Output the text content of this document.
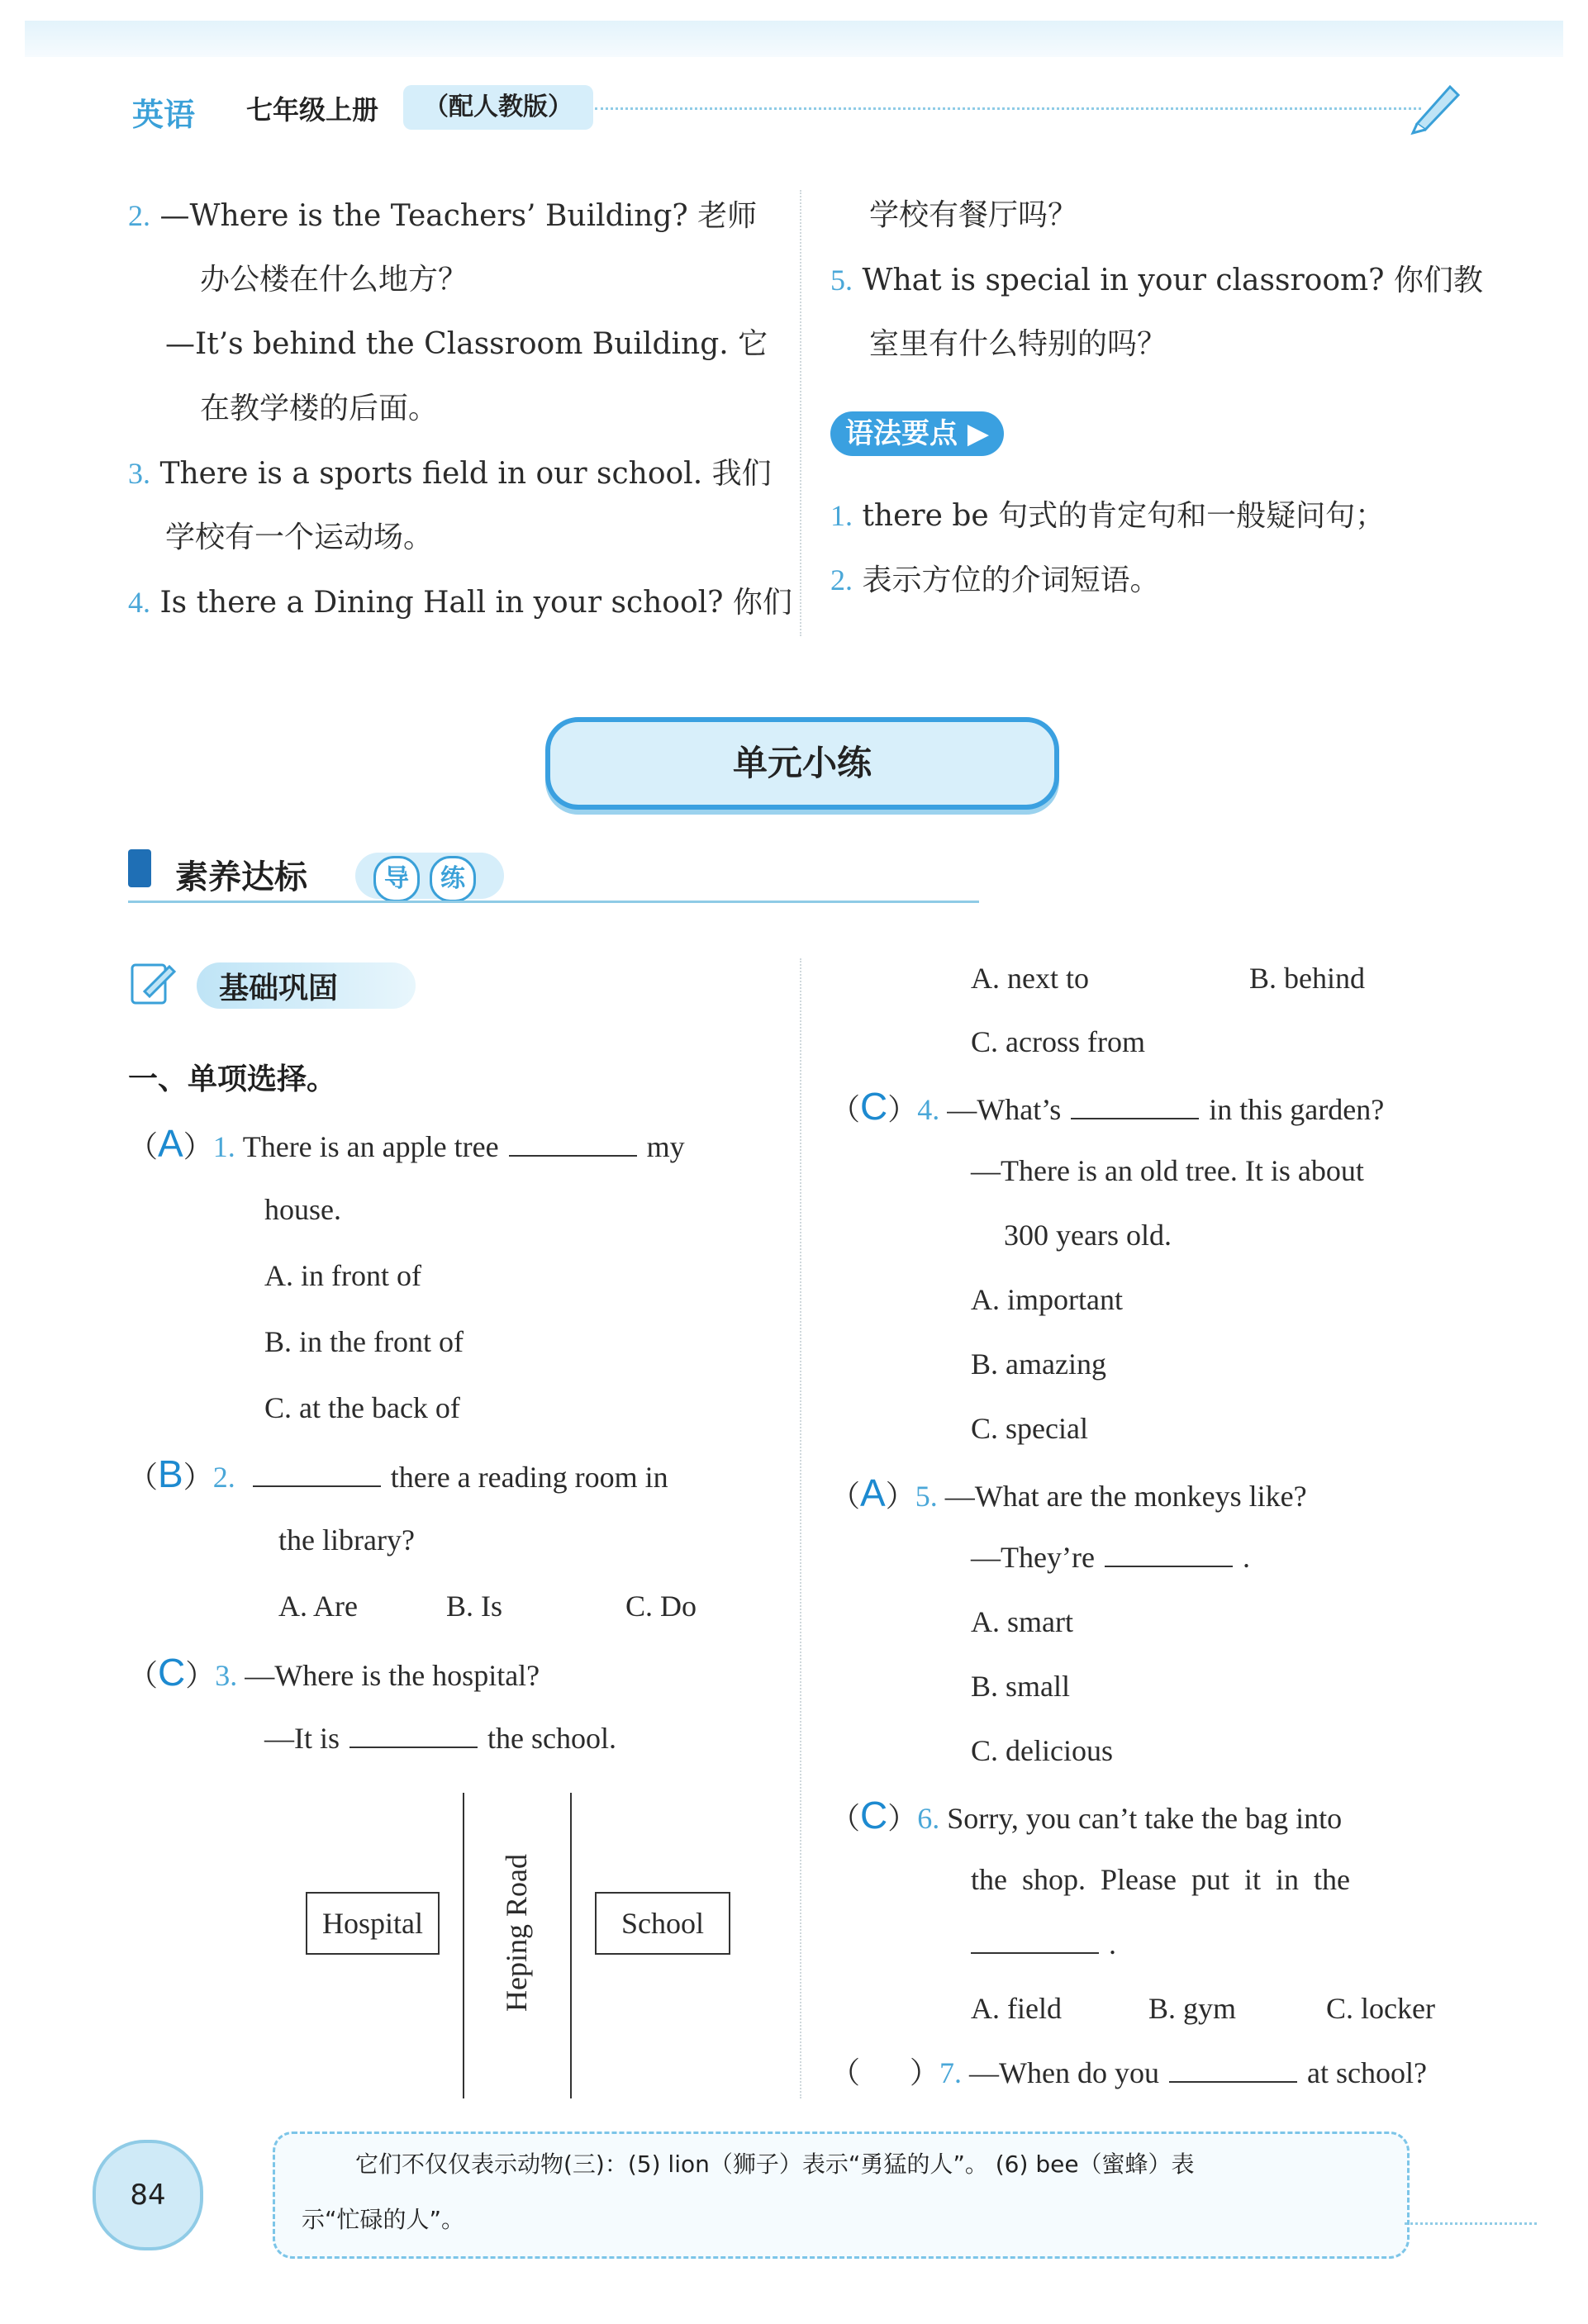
英语 七年级上册	（配人教版）
2. —Where is the Teachers’ Building? 老师
办公楼在什么地方？
—It’s behind the Classroom Building. 它
在教学楼的后面。
3. There is a sports field in our school. 我们
学校有一个运动场。
4. Is there a Dining Hall in your school? 你们
学校有餐厅吗？
5. What is special in your classroom? 你们教
室里有什么特别的吗？
语法要点 ▶
1. there be 句式的肯定句和一般疑问句；
2. 表示方位的介词短语。
单元小练
素养达标	导	练
基础巩固
一、单项选择。
（A）1. There is an apple tree	my
house.
A. in front of
B. in the front of
C. at the back of
（B）2.	there a reading room in
the library?
A. Are	B. Is	C. Do
（C）3. —Where is the hospital?
—It is	the school.
Hospital	Heping Road	School
A. next to	B. behind
C. across from
（C）4. —What’s	in this garden?
—There is an old tree. It is about
300 years old.
A. important
B. amazing
C. special
（A）5. —What are the monkeys like?
—They’re	.
A. smart
B. small
C. delicious
（C）6. Sorry, you can’t take the bag into
the  shop.  Please  put  it  in  the
.
A. field	B. gym	C. locker
（ ）7. —When do you	at school?
84
它们不仅仅表示动物(三)：(5) lion（狮子）表示“勇猛的人”。 (6) bee（蜜蜂）表
示“忙碌的人”。
